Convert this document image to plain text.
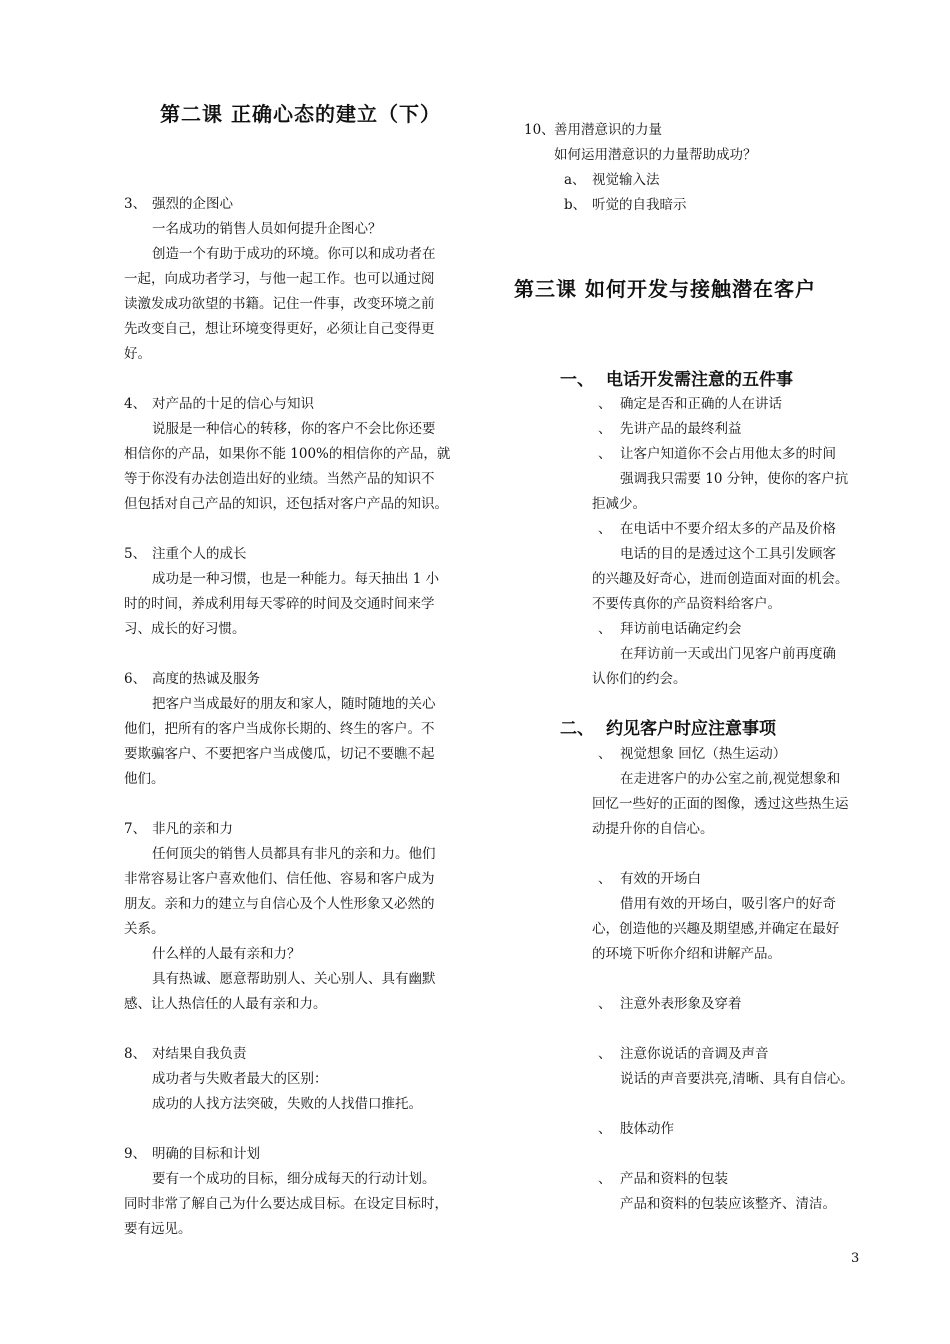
第二课 正确心态的建立（下）
3、 强烈的企图心
一名成功的销售人员如何提升企图心？
创造一个有助于成功的环境。你可以和成功者在
一起，向成功者学习，与他一起工作。也可以通过阅
读激发成功欲望的书籍。记住一件事，改变环境之前
先改变自己，想让环境变得更好，必须让自己变得更
好。
4、 对产品的十足的信心与知识
说服是一种信心的转移，你的客户不会比你还要
相信你的产品，如果你不能 100%的相信你的产品，就
等于你没有办法创造出好的业绩。当然产品的知识不
但包括对自己产品的知识，还包括对客户产品的知识。
5、 注重个人的成长
成功是一种习惯，也是一种能力。每天抽出 1 小
时的时间，养成利用每天零碎的时间及交通时间来学
习、成长的好习惯。
6、 高度的热诚及服务
把客户当成最好的朋友和家人，随时随地的关心
他们，把所有的客户当成你长期的、终生的客户。不
要欺骗客户、不要把客户当成傻瓜，切记不要瞧不起
他们。
7、 非凡的亲和力
任何顶尖的销售人员都具有非凡的亲和力。他们
非常容易让客户喜欢他们、信任他、容易和客户成为
朋友。亲和力的建立与自信心及个人性形象又必然的
关系。
什么样的人最有亲和力？
具有热诚、愿意帮助别人、关心别人、具有幽默
感、让人热信任的人最有亲和力。
8、 对结果自我负责
成功者与失败者最大的区别：
成功的人找方法突破，失败的人找借口推托。
9、 明确的目标和计划
要有一个成功的目标，细分成每天的行动计划。
同时非常了解自己为什么要达成目标。在设定目标时，
要有远见。
10、 善用潜意识的力量
如何运用潜意识的力量帮助成功？
a、 视觉输入法
b、 听觉的自我暗示
第三课 如何开发与接触潜在客户
一、 电话开发需注意的五件事
、 确定是否和正确的人在讲话
、 先讲产品的最终利益
、 让客户知道你不会占用他太多的时间
强调我只需要 10 分钟，使你的客户抗
拒减少。
、 在电话中不要介绍太多的产品及价格
电话的目的是透过这个工具引发顾客
的兴趣及好奇心，进而创造面对面的机会。
不要传真你的产品资料给客户。
、 拜访前电话确定约会
在拜访前一天或出门见客户前再度确
认你们的约会。
二、 约见客户时应注意事项
、 视觉想象 回忆（热生运动）
在走进客户的办公室之前,视觉想象和
回忆一些好的正面的图像，透过这些热生运
动提升你的自信心。
、 有效的开场白
借用有效的开场白，吸引客户的好奇
心，创造他的兴趣及期望感,并确定在最好
的环境下听你介绍和讲解产品。
、 注意外表形象及穿着
、 注意你说话的音调及声音
说话的声音要洪亮,清晰、具有自信心。
、 肢体动作
、 产品和资料的包装
产品和资料的包装应该整齐、清洁。
3
